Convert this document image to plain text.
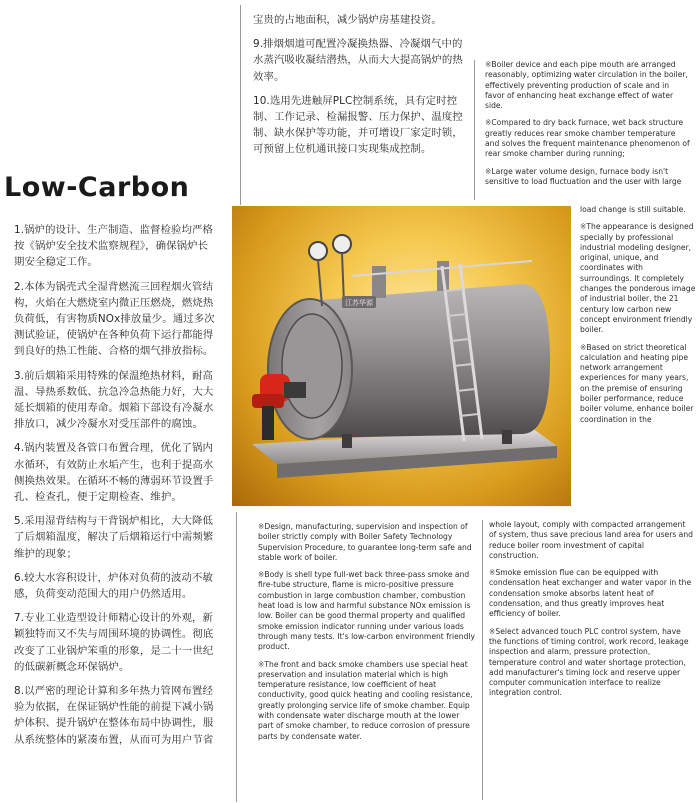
宝贵的占地面积，减少锅炉房基建投资。

9.排烟烟道可配置冷凝换热器、冷凝烟气中的水蒸汽吸收凝结潜热，从而大大提高锅炉的热效率。

10.选用先进触屏PLC控制系统，具有定时控制、工作记录、检漏报警、压力保护、温度控制、缺水保护等功能，并可增设厂家定时锁，可预留上位机通讯接口实现集成控制。

※Boiler device and each pipe mouth are arranged reasonably, optimizing water circulation in the boiler, effectively preventing production of scale and in favor of enhancing heat exchange effect of water side.

※Compared to dry back furnace, wet back structure greatly reduces rear smoke chamber temperature and solves the frequent maintenance phenomenon of rear smoke chamber during running;

※Large water volume design, furnace body isn't sensitive to load fluctuation and the user with large

Low-Carbon

1.锅炉的设计、生产制造、监督检验均严格按《锅炉安全技术监察规程》，确保锅炉长期安全稳定工作。

2.本体为锅壳式全湿背燃流三回程烟火管结构，火焰在大燃烧室内微正压燃烧，燃烧热负荷低，有害物质NOx排放量少。通过多次测试验证，使锅炉在各种负荷下运行都能得到良好的热工性能、合格的烟气排放指标。

3.前后烟箱采用特殊的保温绝热材料，耐高温、导热系数低、抗急冷急热能力好，大大延长烟箱的使用寿命。烟箱下部设有冷凝水排放口，减少冷凝水对受压部件的腐蚀。

4.锅内装置及各管口布置合理，优化了锅内水循环，有效防止水垢产生，也利于提高水侧换热效果。在循环不畅的薄弱环节设置手孔、检查孔，便于定期检查、维护。

5.采用湿背结构与干背锅炉相比，大大降低了后烟箱温度，解决了后烟箱运行中需频繁维护的现象；

6.较大水容积设计，炉体对负荷的波动不敏感，负荷变动范围大的用户仍然适用。

7.专业工业造型设计师精心设计的外观，新颖独特而又不失与周围环境的协调性。彻底改变了工业锅炉笨重的形象，是二十一世纪的低碳新概念环保锅炉。

8.以严密的理论计算和多年热力管网布置经验为依据，在保证锅炉性能的前提下减小锅炉体积、提升锅炉在整体布局中协调性，服从系统整体的紧凑布置，从而可为用户节省

江苏华源

load change is still suitable.

※The appearance is designed specially by professional industrial modeling designer, original, unique, and coordinates with surroundings. It completely changes the ponderous image of industrial boiler, the 21 century low carbon new concept environment friendly boiler.

※Based on strict theoretical calculation and heating pipe network arrangement experiences for many years, on the premise of ensuring boiler performance, reduce boiler volume, enhance boiler coordination in the

※Design, manufacturing, supervision and inspection of boiler strictly comply with Boiler Safety Technology Supervision Procedure, to guarantee long-term safe and stable work of boiler.

※Body is shell type full-wet back three-pass smoke and fire-tube structure, flame is micro-positive pressure combustion in large combustion chamber, combustion heat load is low and harmful substance NOx emission is low. Boiler can be good thermal property and qualified smoke emission indicator running under various loads through many tests. It's low-carbon environment friendly product.

※The front and back smoke chambers use special heat preservation and insulation material which is high temperature resistance, low coefficient of heat conductivity, good quick heating and cooling resistance, greatly prolonging service life of smoke chamber. Equip with condensate water discharge mouth at the lower part of smoke chamber, to reduce corrosion of pressure parts by condensate water.

whole layout, comply with compacted arrangement of system, thus save precious land area for users and reduce boiler room investment of capital construction.

※Smoke emission flue can be equipped with condensation heat exchanger and water vapor in the condensation smoke absorbs latent heat of condensation, and thus greatly improves heat efficiency of boiler.

※Select advanced touch PLC control system, have the functions of timing control, work record, leakage inspection and alarm, pressure protection, temperature control and water shortage protection, add manufacturer's timing lock and reserve upper computer communication interface to realize integration control.
